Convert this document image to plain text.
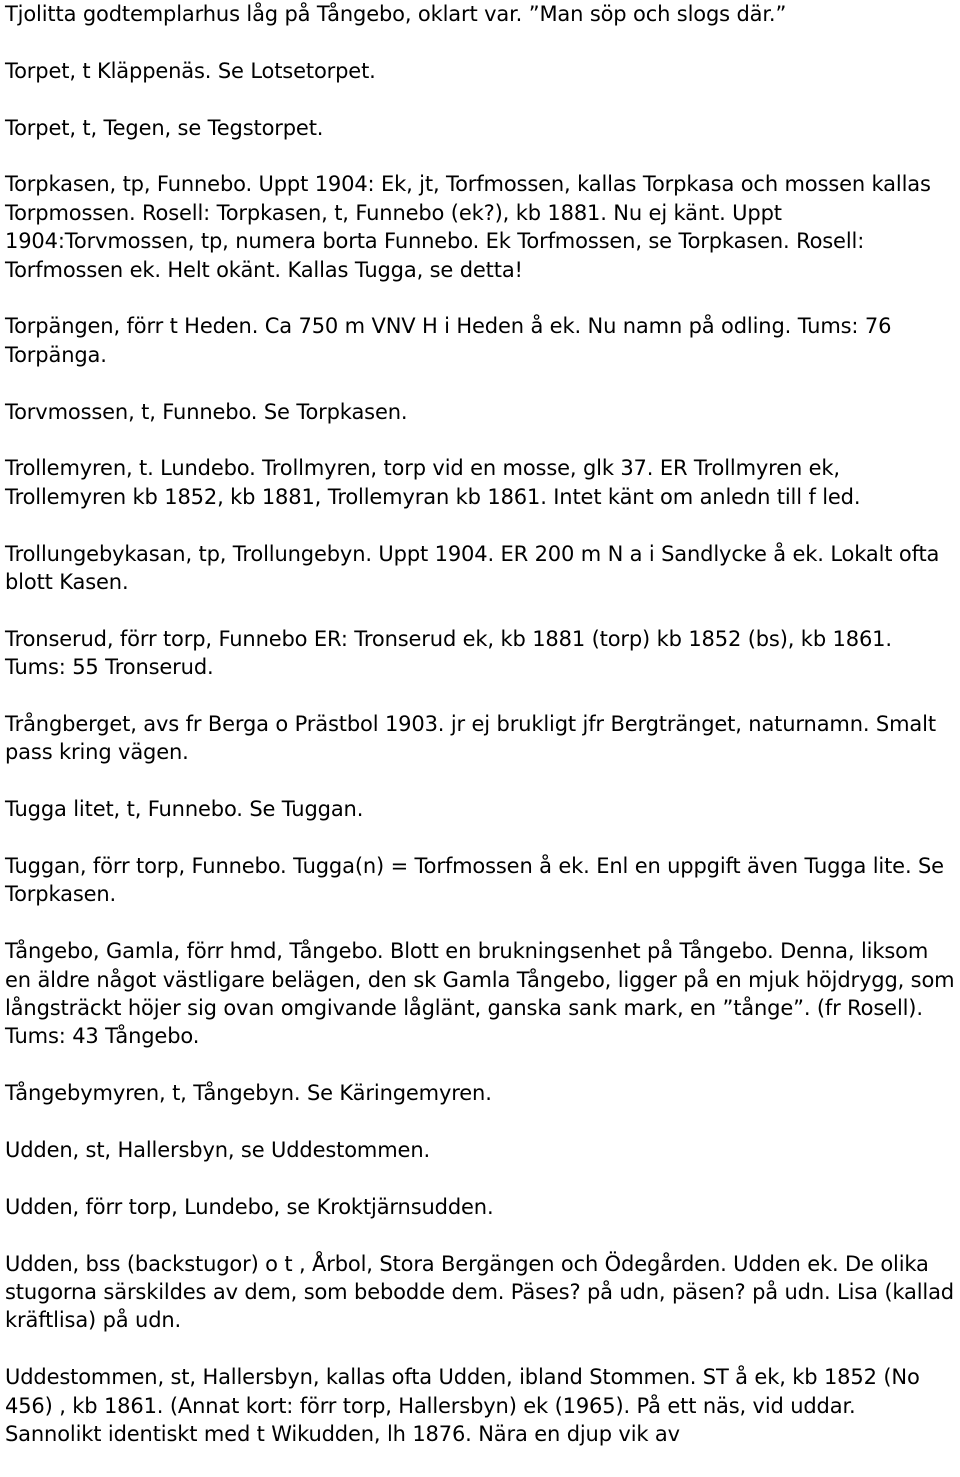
Tjolitta godtemplarhus låg på Tångebo, oklart var. ”Man söp och slogs där.”

Torpet, t Kläppenäs. Se Lotsetorpet.

Torpet, t, Tegen, se Tegstorpet.

Torpkasen, tp, Funnebo. Uppt 1904: Ek, jt, Torfmossen, kallas Torpkasa och mossen kallas Torpmossen. Rosell: Torpkasen, t, Funnebo (ek?), kb 1881. Nu ej känt. Uppt 1904:Torvmossen, tp, numera borta Funnebo. Ek Torfmossen, se Torpkasen. Rosell: Torfmossen ek. Helt okänt. Kallas Tugga, se detta!

Torpängen, förr t Heden. Ca 750 m VNV H i Heden å ek. Nu namn på odling. Tums: 76 Torpänga.

Torvmossen, t, Funnebo. Se Torpkasen.

Trollemyren, t. Lundebo. Trollmyren, torp vid en mosse, glk 37. ER Trollmyren ek, Trollemyren kb 1852, kb 1881, Trollemyran kb 1861. Intet känt om anledn till f led.

Trollungebykasan, tp, Trollungebyn. Uppt 1904. ER 200 m N a i Sandlycke å ek. Lokalt ofta blott Kasen.

Tronserud, förr torp, Funnebo ER: Tronserud ek, kb 1881 (torp) kb 1852 (bs), kb 1861. Tums: 55 Tronserud.

Trångberget, avs fr Berga o Prästbol 1903. jr ej brukligt jfr Bergtränget, naturnamn. Smalt pass kring vägen.

Tugga litet, t, Funnebo. Se Tuggan.

Tuggan, förr torp, Funnebo. Tugga(n) = Torfmossen å ek. Enl en uppgift även Tugga lite. Se Torpkasen.

Tångebo, Gamla, förr hmd, Tångebo. Blott en brukningsenhet på Tångebo. Denna, liksom en äldre något västligare belägen, den sk Gamla Tångebo, ligger på en mjuk höjdrygg, som långsträckt höjer sig ovan omgivande låglänt, ganska sank mark, en ”tånge”. (fr Rosell). Tums: 43 Tångebo.

Tångebymyren, t, Tångebyn. Se Käringemyren.

Udden, st, Hallersbyn, se Uddestommen.

Udden, förr torp, Lundebo, se Kroktjärnsudden.

Udden, bss (backstugor) o t , Årbol, Stora Bergängen och Ödegården. Udden ek. De olika stugorna särskildes av dem, som bebodde dem. Päses? på udn, päsen? på udn. Lisa (kallad kräftlisa) på udn.

Uddestommen, st, Hallersbyn, kallas ofta Udden, ibland Stommen. ST å ek, kb 1852 (No 456) , kb 1861. (Annat kort: förr torp, Hallersbyn) ek (1965). På ett näs, vid uddar. Sannolikt identiskt med t Wikudden, lh 1876. Nära en djup vik av
